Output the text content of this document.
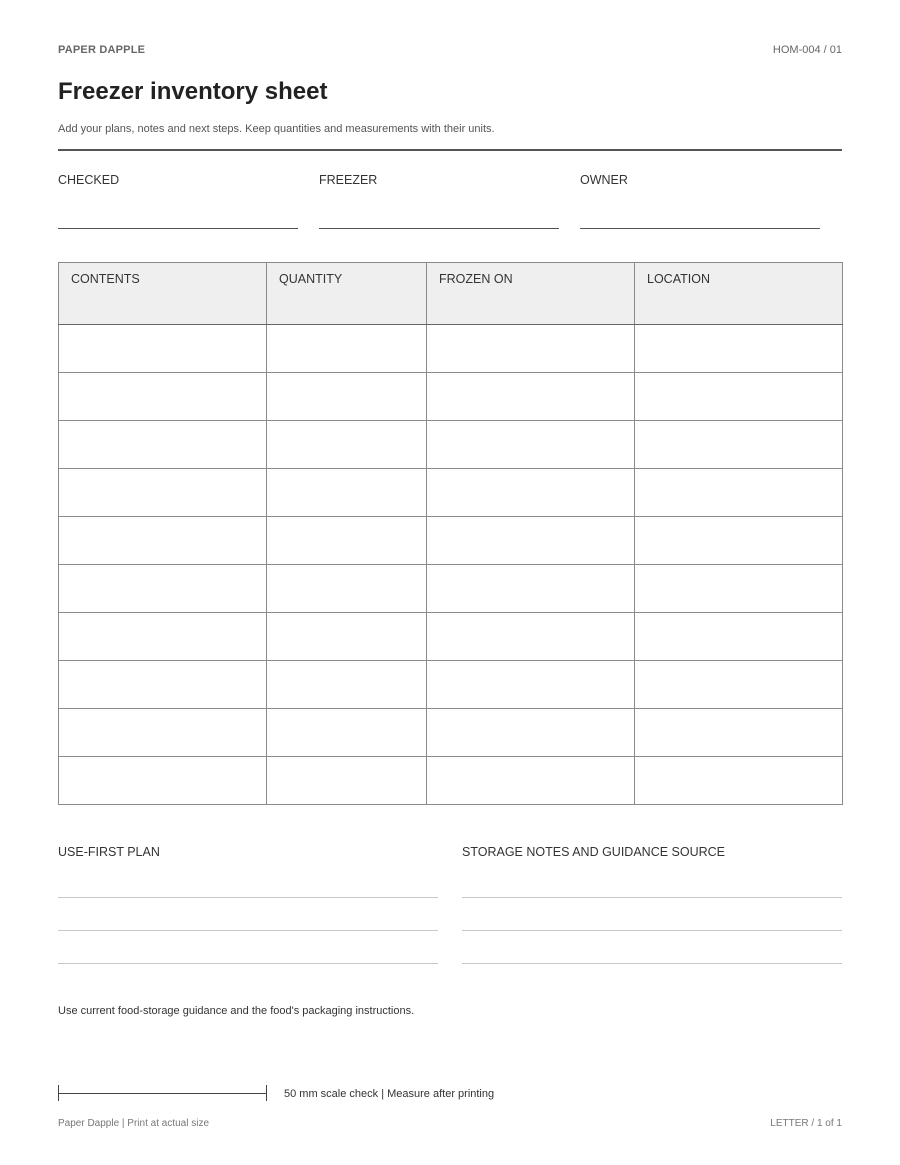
PAPER DAPPLE	HOM-004 / 01
Freezer inventory sheet
Add your plans, notes and next steps. Keep quantities and measurements with their units.
CHECKED	FREEZER	OWNER
CONTENTS	QUANTITY	FROZEN ON	LOCATION

USE-FIRST PLAN	STORAGE NOTES AND GUIDANCE SOURCE
Use current food-storage guidance and the food's packaging instructions.
50 mm scale check | Measure after printing
Paper Dapple | Print at actual size	LETTER / 1 of 1
